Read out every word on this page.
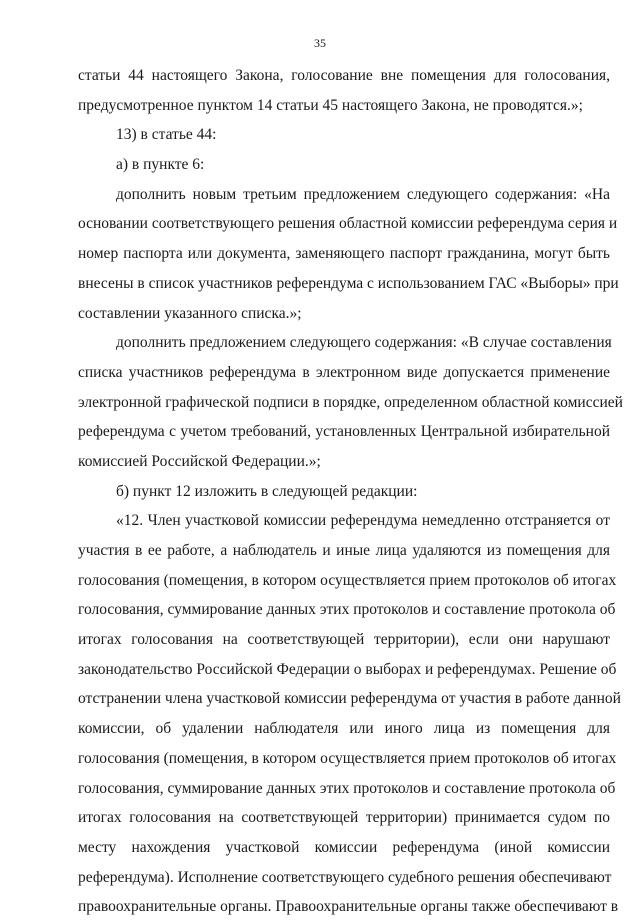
35
статьи 44 настоящего Закона, голосование вне помещения для голосования,
предусмотренное пунктом 14 статьи 45 настоящего Закона, не проводятся.»;
13) в статье 44:
а) в пункте 6:
дополнить новым третьим предложением следующего содержания: «На
основании соответствующего решения областной комиссии референдума серия и
номер паспорта или документа, заменяющего паспорт гражданина, могут быть
внесены в список участников референдума с использованием ГАС «Выборы» при
составлении указанного списка.»;
дополнить предложением следующего содержания: «В случае составления
списка участников референдума в электронном виде допускается применение
электронной графической подписи в порядке, определенном областной комиссией
референдума с учетом требований, установленных Центральной избирательной
комиссией Российской Федерации.»;
б) пункт 12 изложить в следующей редакции:
«12. Член участковой комиссии референдума немедленно отстраняется от
участия в ее работе, а наблюдатель и иные лица удаляются из помещения для
голосования (помещения, в котором осуществляется прием протоколов об итогах
голосования, суммирование данных этих протоколов и составление протокола об
итогах голосования на соответствующей территории), если они нарушают
законодательство Российской Федерации о выборах и референдумах. Решение об
отстранении члена участковой комиссии референдума от участия в работе данной
комиссии, об удалении наблюдателя или иного лица из помещения для
голосования (помещения, в котором осуществляется прием протоколов об итогах
голосования, суммирование данных этих протоколов и составление протокола об
итогах голосования на соответствующей территории) принимается судом по
месту нахождения участковой комиссии референдума (иной комиссии
референдума). Исполнение соответствующего судебного решения обеспечивают
правоохранительные органы. Правоохранительные органы также обеспечивают в
